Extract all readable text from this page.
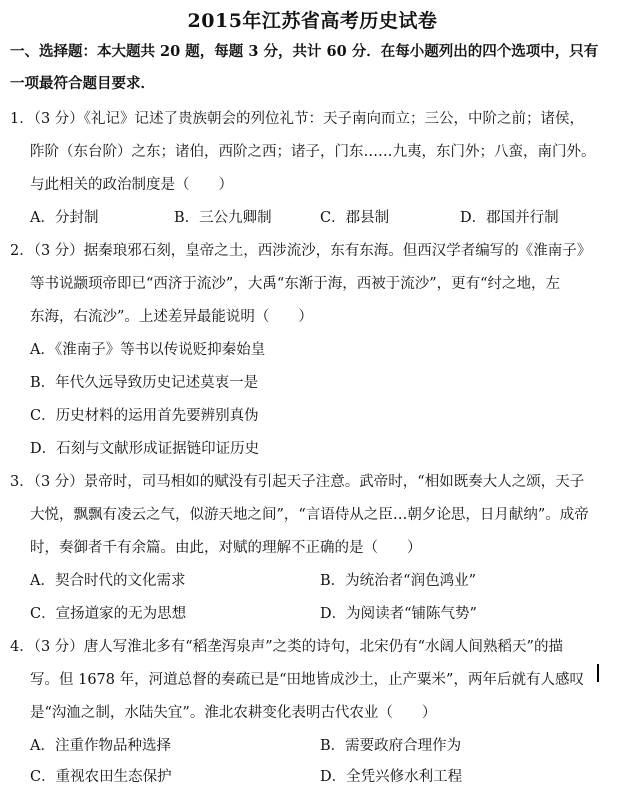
2015年江苏省高考历史试卷
一、选择题：本大题共 20 题，每题 3 分，共计 60 分．在每小题列出的四个选项中，只有
一项最符合题目要求．
1．（3 分）《礼记》记述了贵族朝会的列位礼节：天子南向而立；三公，中阶之前；诸侯，
阼阶（东台阶）之东；诸伯，西阶之西；诸子，门东……九夷，东门外；八蛮，南门外。
与此相关的政治制度是（　　）
A．分封制	B．三公九卿制	C．郡县制	D．郡国并行制
2．（3 分）据秦琅邪石刻，皇帝之土，西涉流沙，东有东海。但西汉学者编写的《淮南子》
等书说颛顼帝即已“西济于流沙”，大禹“东渐于海，西被于流沙”，更有“纣之地，左
东海，右流沙”。上述差异最能说明（　　）
A．《淮南子》等书以传说贬抑秦始皇
B．年代久远导致历史记述莫衷一是
C．历史材料的运用首先要辨别真伪
D．石刻与文献形成证据链印证历史
3．（3 分）景帝时，司马相如的赋没有引起天子注意。武帝时，“相如既奏大人之颂，天子
大悦，飘飘有凌云之气，似游天地之间”，“言语侍从之臣…朝夕论思，日月献纳”。成帝
时，奏御者千有余篇。由此，对赋的理解不正确的是（　　）
A．契合时代的文化需求	B．为统治者“润色鸿业”
C．宣扬道家的无为思想	D．为阅读者“铺陈气势”
4．（3 分）唐人写淮北多有“稻垄泻泉声”之类的诗句，北宋仍有“水阔人间熟稻天”的描
写。但 1678 年，河道总督的奏疏已是“田地皆成沙土，止产粟米”，两年后就有人感叹
是“沟洫之制，水陆失宜”。淮北农耕变化表明古代农业（　　）
A．注重作物品种选择	B．需要政府合理作为
C．重视农田生态保护	D．全凭兴修水利工程
